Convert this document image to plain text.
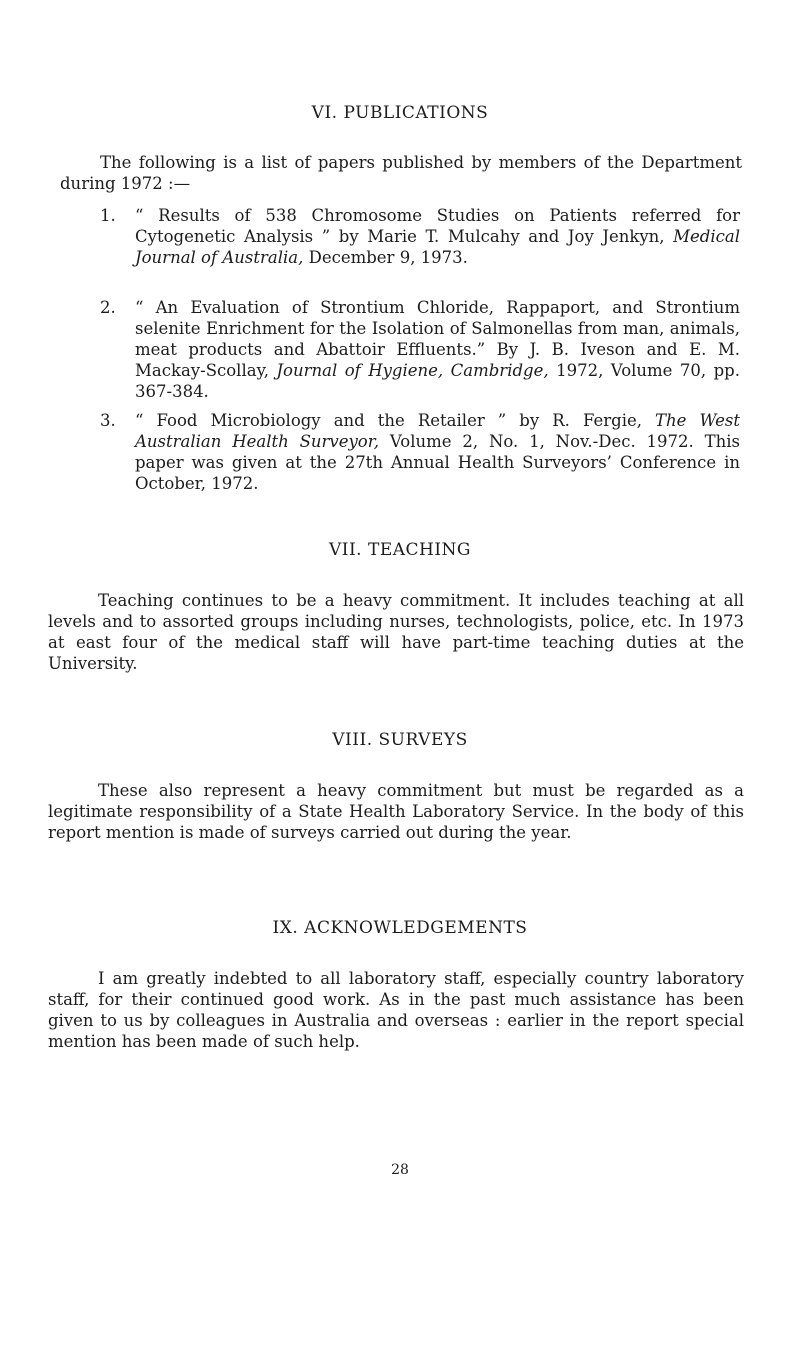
VI. PUBLICATIONS
The following is a list of papers published by members of the Department during 1972 :—
1. “ Results of 538 Chromosome Studies on Patients referred for Cytogenetic Analysis ” by Marie T. Mulcahy and Joy Jenkyn, Medical Journal of Australia, December 9, 1973.
2. “ An Evaluation of Strontium Chloride, Rappaport, and Strontium selenite Enrichment for the Isolation of Salmonellas from man, animals, meat products and Abattoir Effluents.” By J. B. Iveson and E. M. Mackay-Scollay, Journal of Hygiene, Cambridge, 1972, Volume 70, pp. 367-384.
3. “ Food Microbiology and the Retailer ” by R. Fergie, The West Australian Health Surveyor, Volume 2, No. 1, Nov.-Dec. 1972. This paper was given at the 27th Annual Health Surveyors’ Conference in October, 1972.
VII. TEACHING
Teaching continues to be a heavy commitment. It includes teaching at all levels and to assorted groups including nurses, technologists, police, etc. In 1973 at east four of the medical staff will have part-time teaching duties at the University.
VIII. SURVEYS
These also represent a heavy commitment but must be regarded as a legitimate responsibility of a State Health Laboratory Service. In the body of this report mention is made of surveys carried out during the year.
IX. ACKNOWLEDGEMENTS
I am greatly indebted to all laboratory staff, especially country laboratory staff, for their continued good work. As in the past much assistance has been given to us by colleagues in Australia and overseas : earlier in the report special mention has been made of such help.
28
